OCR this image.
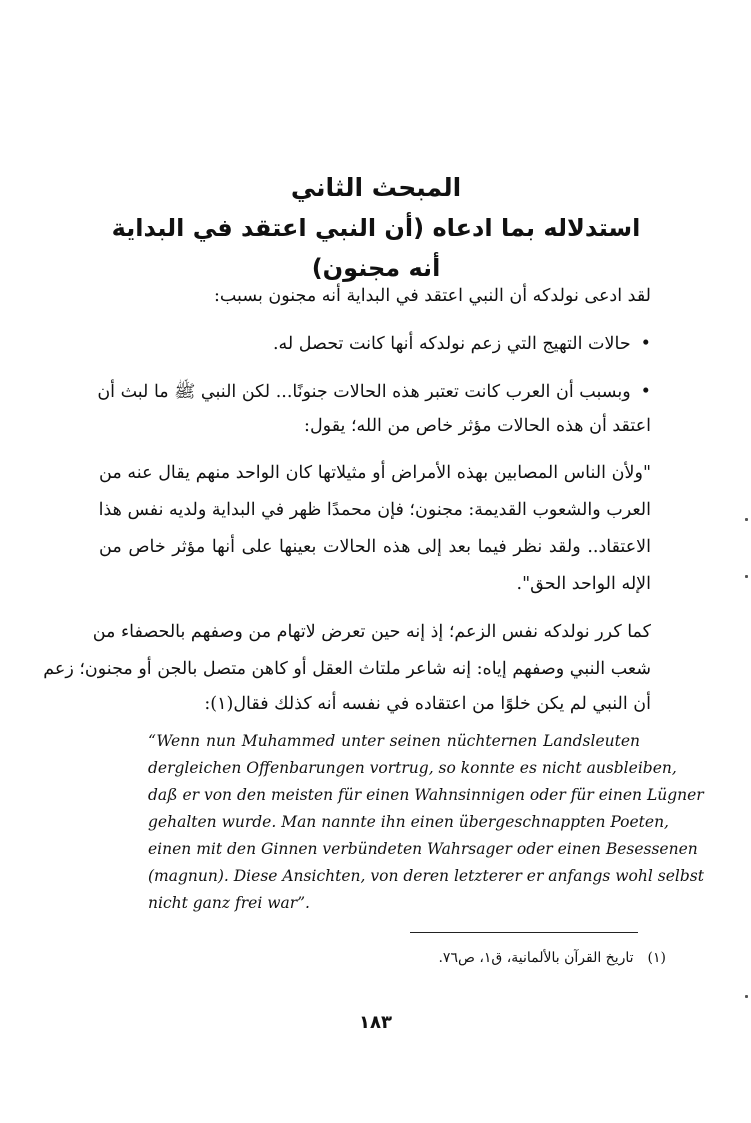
المبحث الثاني
استدلاله بما ادعاه (أن النبي اعتقد في البداية أنه مجنون)
لقد ادعى نولدكه أن النبي اعتقد في البداية أنه مجنون بسبب:
•حالات التهيج التي زعم نولدكه أنها كانت تحصل له.
•وبسبب أن العرب كانت تعتبر هذه الحالات جنونًا... لكن النبي ﷺ ما لبث أن
اعتقد أن هذه الحالات مؤثر خاص من الله؛ يقول:
"ولأن الناس المصابين بهذه الأمراض أو مثيلاتها كان الواحد منهم يقال عنه من
العرب والشعوب القديمة: مجنون؛ فإن محمدًا ظهر في البداية ولديه نفس هذا
الاعتقاد.. ولقد نظر فيما بعد إلى هذه الحالات بعينها على أنها مؤثر خاص من
الإله الواحد الحق".
كما كرر نولدكه نفس الزعم؛ إذ إنه حين تعرض لاتهام من وصفهم بالحصفاء من
شعب النبي وصفهم إياه: إنه شاعر ملتاث العقل أو كاهن متصل بالجن أو مجنون؛ زعم
أن النبي لم يكن خلوًا من اعتقاده في نفسه أنه كذلك فقال(١):
“Wenn nun Muhammed unter seinen nüchternen Landsleuten
dergleichen Offenbarungen vortrug, so konnte es nicht ausbleiben,
daß er von den meisten für einen Wahnsinnigen oder für einen Lügner
gehalten wurde. Man nannte ihn einen übergeschnappten Poeten,
einen mit den Ginnen verbündeten Wahrsager oder einen Besessenen
(magnun). Diese Ansichten, von deren letzterer er anfangs wohl selbst
nicht ganz frei war”.
(١)تاريخ القرآن بالألمانية، ق١، ص٧٦.
١٨٣
